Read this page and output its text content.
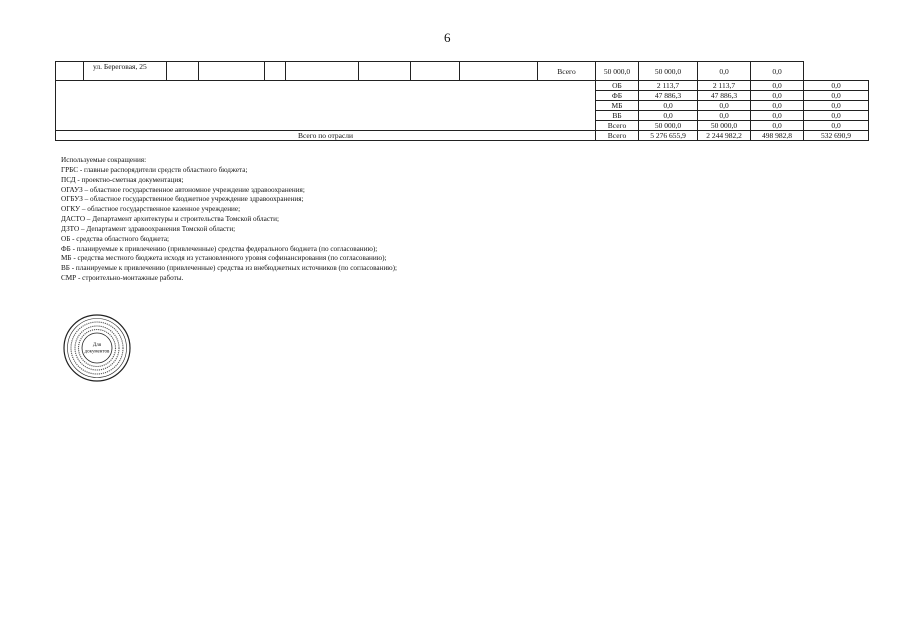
6
	ул. Береговая, 25								Всего	50 000,0	50 000,0	0,0	0,0	
										ОБ	2 113,7	2 113,7	0,0	0,0
										ФБ	47 886,3	47 886,3	0,0	0,0
										МБ	0,0	0,0	0,0	0,0
										ВБ	0,0	0,0	0,0	0,0
										Всего	50 000,0	50 000,0	0,0	0,0
Всего по отрасли										Всего	5 276 655,9	2 244 982,2	498 982,8	532 690,9
Используемые сокращения:
ГРБС - главные распорядители средств областного бюджета;
ПСД - проектно-сметная документация;
ОГАУЗ – областное государственное автономное учреждение здравоохранения;
ОГБУЗ – областное государственное бюджетное учреждение здравоохранения;
ОГКУ – областное государственное казенное учреждение;
ДАСТО – Департамент архитектуры и строительства Томской области;
ДЗТО – Департамент здравоохранения Томской области;
ОБ - средства областного бюджета;
ФБ - планируемые к привлечению (привлеченные) средства федерального бюджета (по согласованию);
МБ - средства местного бюджета исходя из установленного уровня софинансирования (по согласованию);
ВБ - планируемые к привлечению (привлеченные) средства из внебюджетных источников (по согласованию);
СМР - строительно-монтажные работы.
Для
документов
